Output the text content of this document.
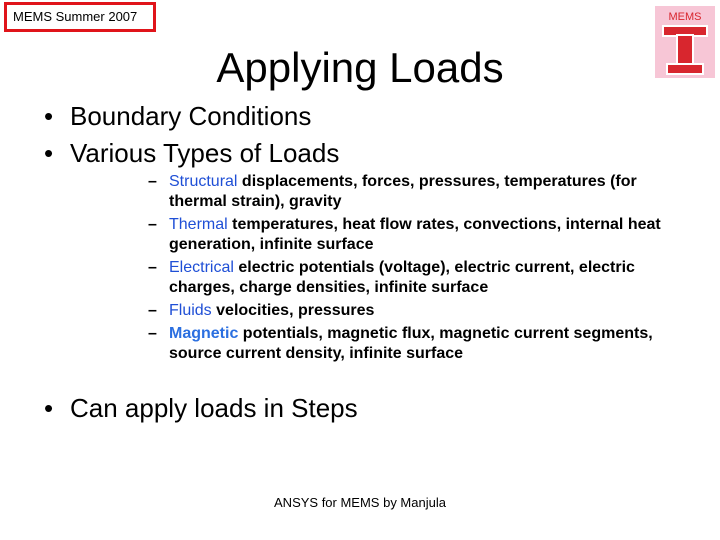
MEMS Summer 2007	MEMS
Applying Loads
• Boundary Conditions
• Various Types of Loads
– Structural displacements, forces, pressures, temperatures (for thermal strain), gravity
– Thermal temperatures, heat flow rates, convections, internal heat generation, infinite surface
– Electrical electric potentials (voltage), electric current, electric charges, charge densities, infinite surface
– Fluids velocities, pressures
– Magnetic potentials, magnetic flux, magnetic current segments, source current density, infinite surface
• Can apply loads in Steps
ANSYS for MEMS by Manjula
